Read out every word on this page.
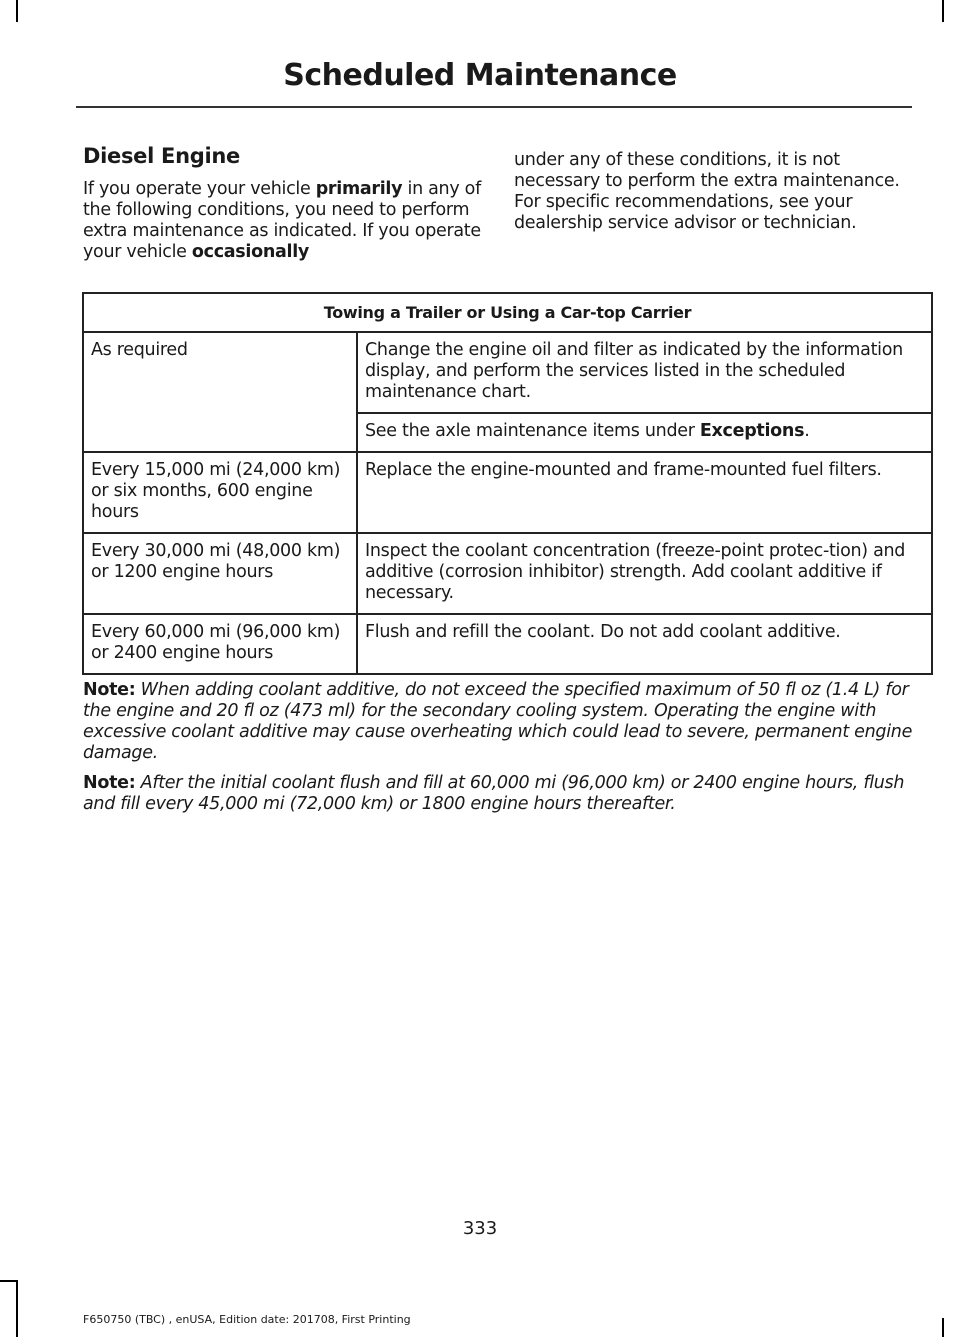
Scheduled Maintenance
Diesel Engine

If you operate your vehicle primarily in any of the following conditions, you need to perform extra maintenance as indicated. If you operate your vehicle occasionally

under any of these conditions, it is not necessary to perform the extra maintenance. For specific recommendations, see your dealership service advisor or technician.

Towing a Trailer or Using a Car-top Carrier	
As required	Change the engine oil and filter as indicated by the information display, and perform the services listed in the scheduled maintenance chart.
	See the axle maintenance items under Exceptions.
Every 15,000 mi (24,000 km) or six months, 600 engine hours	Replace the engine-mounted and frame-mounted fuel filters.
Every 30,000 mi (48,000 km) or 1200 engine hours	Inspect the coolant concentration (freeze-point protec-tion) and additive (corrosion inhibitor) strength. Add coolant additive if necessary.
Every 60,000 mi (96,000 km) or 2400 engine hours	Flush and refill the coolant. Do not add coolant additive.

Note: When adding coolant additive, do not exceed the specified maximum of 50 fl oz (1.4 L) for the engine and 20 fl oz (473 ml) for the secondary cooling system. Operating the engine with excessive coolant additive may cause overheating which could lead to severe, permanent engine damage.

Note: After the initial coolant flush and fill at 60,000 mi (96,000 km) or 2400 engine hours, flush and fill every 45,000 mi (72,000 km) or 1800 engine hours thereafter.

333
F650750 (TBC) , enUSA, Edition date: 201708, First Printing
